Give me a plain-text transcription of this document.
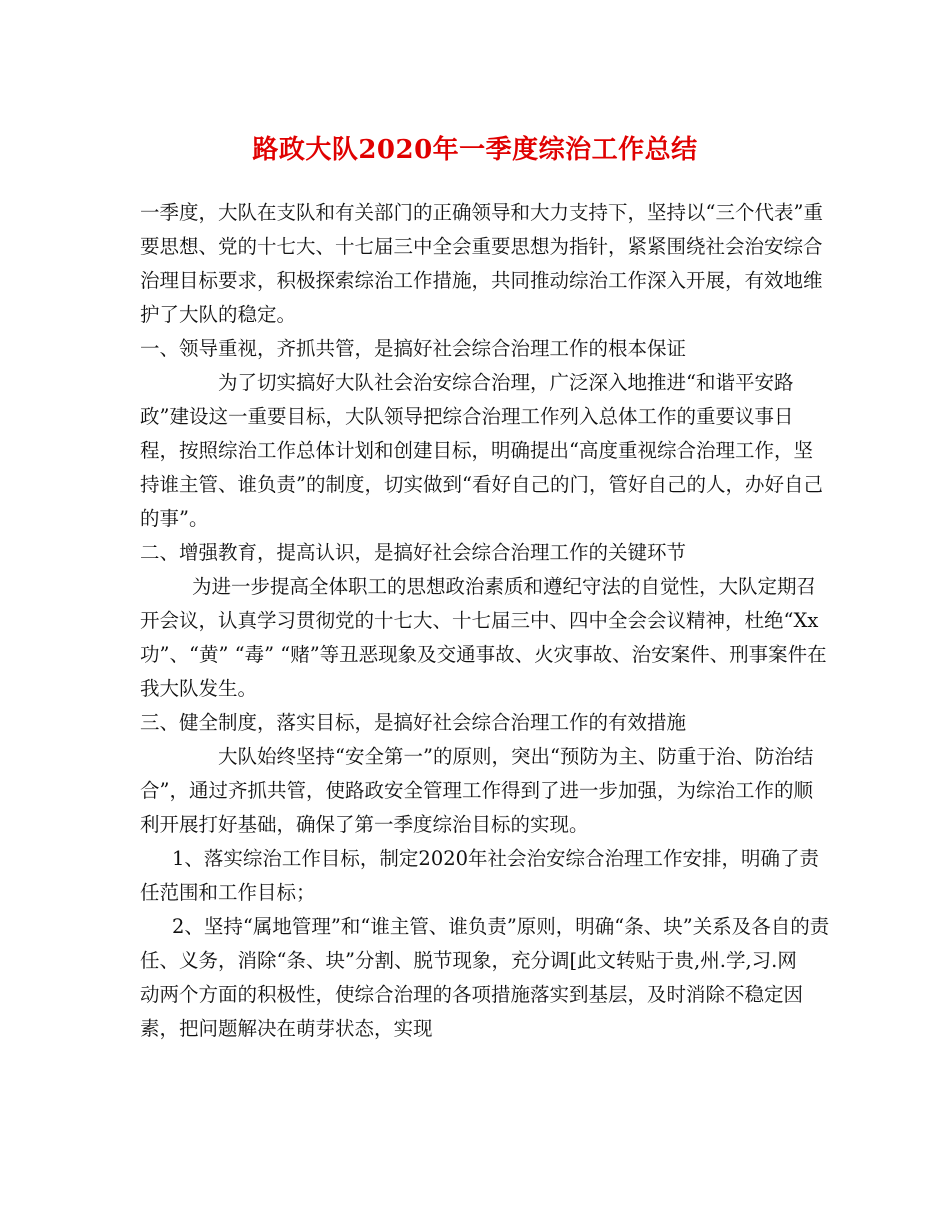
路政大队2020年一季度综治工作总结

一季度，大队在支队和有关部门的正确领导和大力支持下，坚持以“三个代表”重要思想、党的十七大、十七届三中全会重要思想为指针，紧紧围绕社会治安综合治理目标要求，积极探索综治工作措施，共同推动综治工作深入开展，有效地维护了大队的稳定。

一、领导重视，齐抓共管，是搞好社会综合治理工作的根本保证

为了切实搞好大队社会治安综合治理，广泛深入地推进“和谐平安路政”建设这一重要目标，大队领导把综合治理工作列入总体工作的重要议事日程，按照综治工作总体计划和创建目标，明确提出“高度重视综合治理工作，坚持谁主管、谁负责”的制度，切实做到“看好自己的门，管好自己的人，办好自己的事”。

二、增强教育，提高认识，是搞好社会综合治理工作的关键环节

为进一步提高全体职工的思想政治素质和遵纪守法的自觉性，大队定期召开会议，认真学习贯彻党的十七大、十七届三中、四中全会会议精神，杜绝“Xx功”、“黄” “毒” “赌”等丑恶现象及交通事故、火灾事故、治安案件、刑事案件在我大队发生。

三、健全制度，落实目标，是搞好社会综合治理工作的有效措施

大队始终坚持“安全第一”的原则，突出“预防为主、防重于治、防治结合”，通过齐抓共管，使路政安全管理工作得到了进一步加强，为综治工作的顺利开展打好基础，确保了第一季度综治目标的实现。

1、落实综治工作目标，制定2020年社会治安综合治理工作安排，明确了责任范围和工作目标；

2、坚持“属地管理”和“谁主管、谁负责”原则，明确“条、块”关系及各自的责任、义务，消除“条、块”分割、脱节现象，充分调[此文转贴于贵,州.学,习.网　动两个方面的积极性，使综合治理的各项措施落实到基层，及时消除不稳定因素，把问题解决在萌芽状态，实现
